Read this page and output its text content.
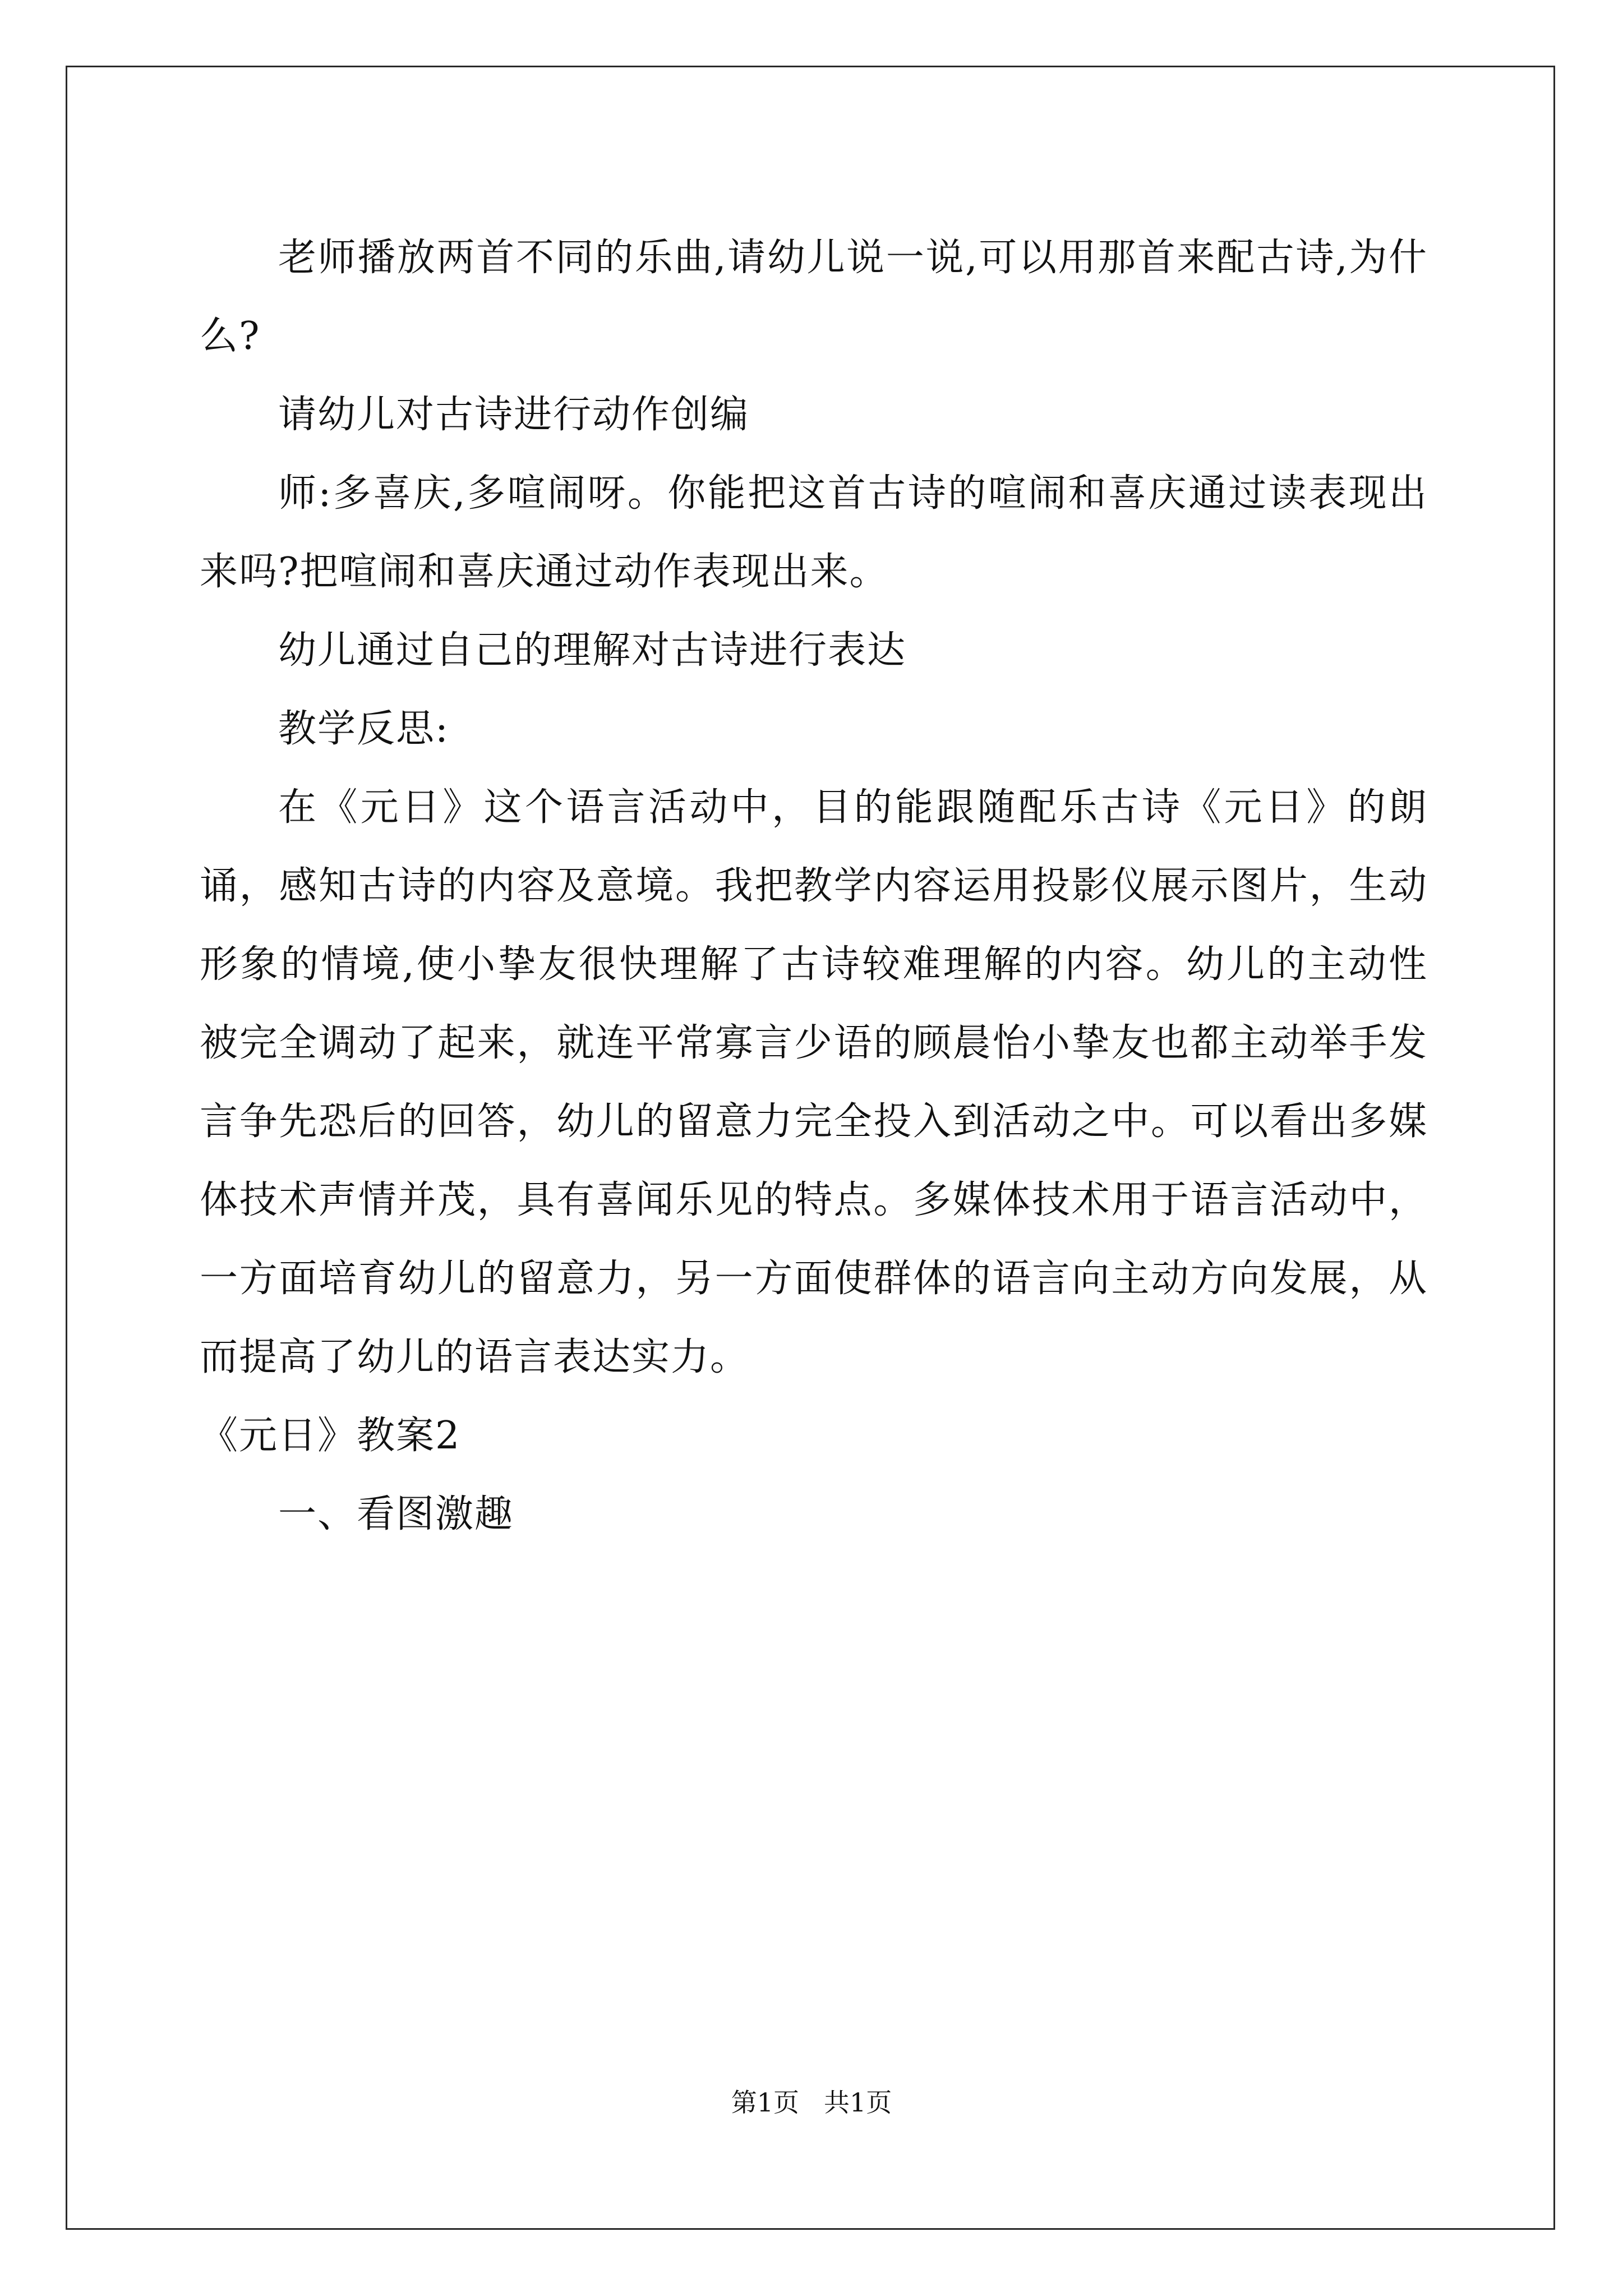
老师播放两首不同的乐曲,请幼儿说一说,可以用那首来配古诗,为什么?

请幼儿对古诗进行动作创编

师:多喜庆,多喧闹呀。你能把这首古诗的喧闹和喜庆通过读表现出来吗?把喧闹和喜庆通过动作表现出来。

幼儿通过自己的理解对古诗进行表达

教学反思:

在《元日》这个语言活动中，目的能跟随配乐古诗《元日》的朗诵，感知古诗的内容及意境。我把教学内容运用投影仪展示图片，生动形象的情境,使小挚友很快理解了古诗较难理解的内容。幼儿的主动性被完全调动了起来，就连平常寡言少语的顾晨怡小挚友也都主动举手发言争先恐后的回答，幼儿的留意力完全投入到活动之中。可以看出多媒体技术声情并茂，具有喜闻乐见的特点。多媒体技术用于语言活动中，一方面培育幼儿的留意力，另一方面使群体的语言向主动方向发展，从而提高了幼儿的语言表达实力。

《元日》教案2

一、看图激趣

第1页 共1页
